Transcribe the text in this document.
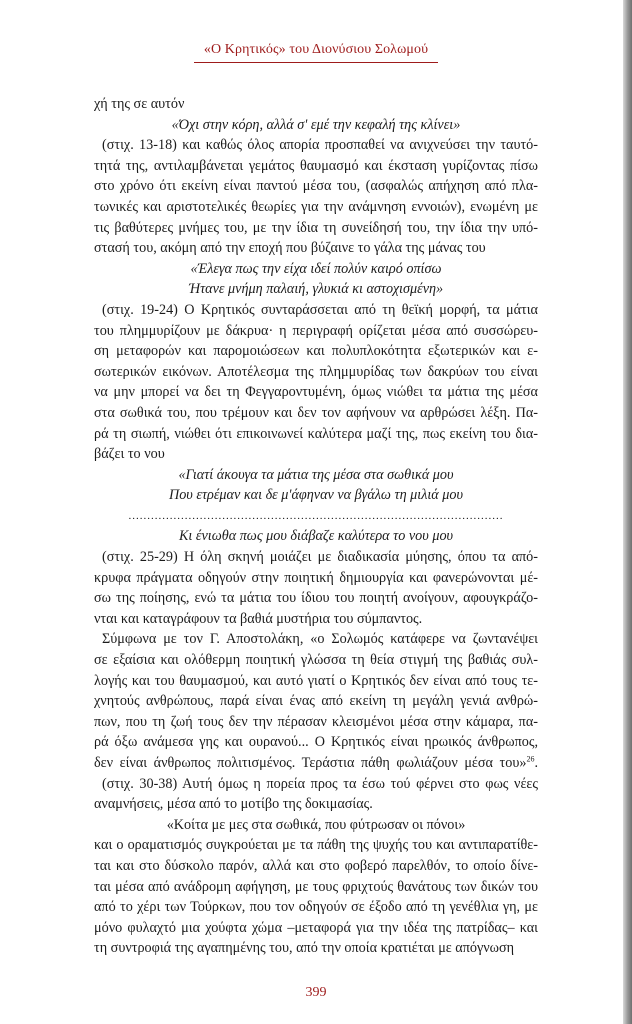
«Ο Κρητικός» του Διονύσιου Σολωμού
χή της σε αυτόν
«Όχι στην κόρη, αλλά σ' εμέ την κεφαλή της κλίνει»
(στιχ. 13-18) και καθώς όλος απορία προσπαθεί να ανιχνεύσει την ταυτό-
τητά της, αντιλαμβάνεται γεμάτος θαυμασμό και έκσταση γυρίζοντας πίσω
στο χρόνο ότι εκείνη είναι παντού μέσα του, (ασφαλώς απήχηση από πλα-
τωνικές και αριστοτελικές θεωρίες για την ανάμνηση εννοιών), ενωμένη με
τις βαθύτερες μνήμες του, με την ίδια τη συνείδησή του, την ίδια την υπό-
στασή του, ακόμη από την εποχή που βύζαινε το γάλα της μάνας του
«Έλεγα πως την είχα ιδεί πολύν καιρό οπίσω
Ήτανε μνήμη παλαιή, γλυκιά κι αστοχισμένη»
(στιχ. 19-24) Ο Κρητικός συνταράσσεται από τη θεϊκή μορφή, τα μάτια
του πλημμυρίζουν με δάκρυα· η περιγραφή ορίζεται μέσα από συσσώρευ-
ση μεταφορών και παρομοιώσεων και πολυπλοκότητα εξωτερικών και ε-
σωτερικών εικόνων. Αποτέλεσμα της πλημμυρίδας των δακρύων του είναι
να μην μπορεί να δει τη Φεγγαροντυμένη, όμως νιώθει τα μάτια της μέσα
στα σωθικά του, που τρέμουν και δεν τον αφήνουν να αρθρώσει λέξη. Πα-
ρά τη σιωπή, νιώθει ότι επικοινωνεί καλύτερα μαζί της, πως εκείνη του δια-
βάζει το νου
«Γιατί άκουγα τα μάτια της μέσα στα σωθικά μου
Που ετρέμαν και δε μ'άφηναν να βγάλω τη μιλιά μου
....................................................................................................
Κι ένιωθα πως μου διάβαζε καλύτερα το νου μου
(στιχ. 25-29) Η όλη σκηνή μοιάζει με διαδικασία μύησης, όπου τα από-
κρυφα πράγματα οδηγούν στην ποιητική δημιουργία και φανερώνονται μέ-
σω της ποίησης, ενώ τα μάτια του ίδιου του ποιητή ανοίγουν, αφουγκράζο-
νται και καταγράφουν τα βαθιά μυστήρια του σύμπαντος.
Σύμφωνα με τον Γ. Αποστολάκη, «ο Σολωμός κατάφερε να ζωντανέψει
σε εξαίσια και ολόθερμη ποιητική γλώσσα τη θεία στιγμή της βαθιάς συλ-
λογής και του θαυμασμού, και αυτό γιατί ο Κρητικός δεν είναι από τους τε-
χνητούς ανθρώπους, παρά είναι ένας από εκείνη τη μεγάλη γενιά ανθρώ-
πων, που τη ζωή τους δεν την πέρασαν κλεισμένοι μέσα στην κάμαρα, πα-
ρά όξω ανάμεσα γης και ουρανού... Ο Κρητικός είναι ηρωικός άνθρωπος,
δεν είναι άνθρωπος πολιτισμένος. Τεράστια πάθη φωλιάζουν μέσα του»$^{26}$.
(στιχ. 30-38) Αυτή όμως η πορεία προς τα έσω τού φέρνει στο φως νέες
αναμνήσεις, μέσα από το μοτίβο της δοκιμασίας.
«Κοίτα με μες στα σωθικά, που φύτρωσαν οι πόνοι»
και ο οραματισμός συγκρούεται με τα πάθη της ψυχής του και αντιπαρατίθε-
ται και στο δύσκολο παρόν, αλλά και στο φοβερό παρελθόν, το οποίο δίνε-
ται μέσα από ανάδρομη αφήγηση, με τους φριχτούς θανάτους των δικών του
από το χέρι των Τούρκων, που τον οδηγούν σε έξοδο από τη γενέθλια γη, με
μόνο φυλαχτό μια χούφτα χώμα –μεταφορά για την ιδέα της πατρίδας– και
τη συντροφιά της αγαπημένης του, από την οποία κρατιέται με απόγνωση
399
